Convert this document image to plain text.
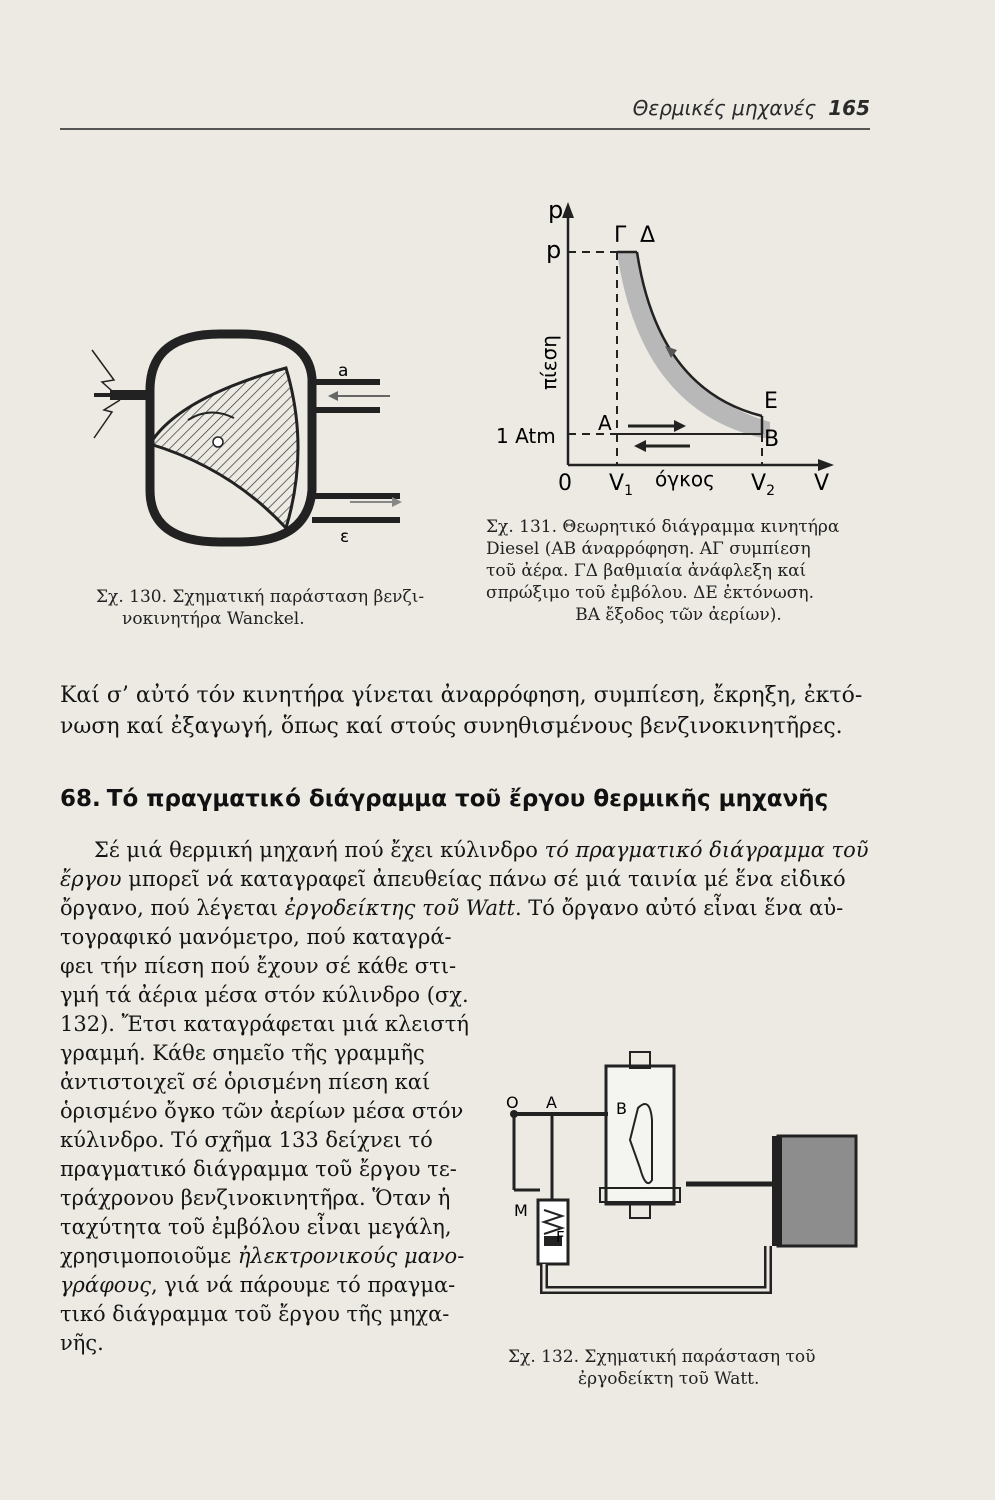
Θερμικές μηχανές 165
a
ε
Σχ. 130. Σχηματική παράσταση βενζι-
νοκινητήρα Wanckel.
p
p
πίεση
1 Atm
Γ Δ
A
E
B
0 $V_1$ όγκος $V_2$ V
Σχ. 131. Θεωρητικό διάγραμμα κινητήρα
Diesel (ΑΒ άναρρόφηση. ΑΓ συμπίεση
τοῦ ἀέρα. ΓΔ βαθμιαία ἀνάφλεξη καί
σπρώξιμο τοῦ ἐμβόλου. ΔΕ ἐκτόνωση.
ΒΑ ἔξοδος τῶν ἀερίων).
Καί σ’ αὐτό τόν κινητήρα γίνεται ἀναρρόφηση, συμπίεση, ἔκρηξη, ἐκτό-
νωση καί ἐξαγωγή, ὅπως καί στούς συνηθισμένους βενζινοκινητῆρες.
68. Τό πραγματικό διάγραμμα τοῦ ἔργου θερμικῆς μηχανῆς
Σέ μιά θερμική μηχανή πού ἔχει κύλινδρο τό πραγματικό διάγραμμα τοῦ
ἔργου μπορεῖ νά καταγραφεῖ ἀπευθείας πάνω σέ μιά ταινία μέ ἕνα εἰδικό
ὄργανο, πού λέγεται ἐργοδείκτης τοῦ Watt. Τό ὄργανο αὐτό εἶναι ἕνα αὐ-
τογραφικό μανόμετρο, πού καταγρά-
φει τήν πίεση πού ἔχουν σέ κάθε στι-
γμή τά ἀέρια μέσα στόν κύλινδρο (σχ.
132). Ἔτσι καταγράφεται μιά κλειστή
γραμμή. Κάθε σημεῖο τῆς γραμμῆς
ἀντιστοιχεῖ σέ ὁρισμένη πίεση καί
ὁρισμένο ὄγκο τῶν ἀερίων μέσα στόν
κύλινδρο. Τό σχῆμα 133 δείχνει τό
πραγματικό διάγραμμα τοῦ ἔργου τε-
τράχρονου βενζινοκινητῆρα. Ὅταν ἡ
ταχύτητα τοῦ ἐμβόλου εἶναι μεγάλη,
χρησιμοποιοῦμε ἠλεκτρονικούς μανο-
γράφους, γιά νά πάρουμε τό πραγμα-
τικό διάγραμμα τοῦ ἔργου τῆς μηχα-
νῆς.
O A	B
M
F
Σχ. 132. Σχηματική παράσταση τοῦ
ἐργοδείκτη τοῦ Watt.
